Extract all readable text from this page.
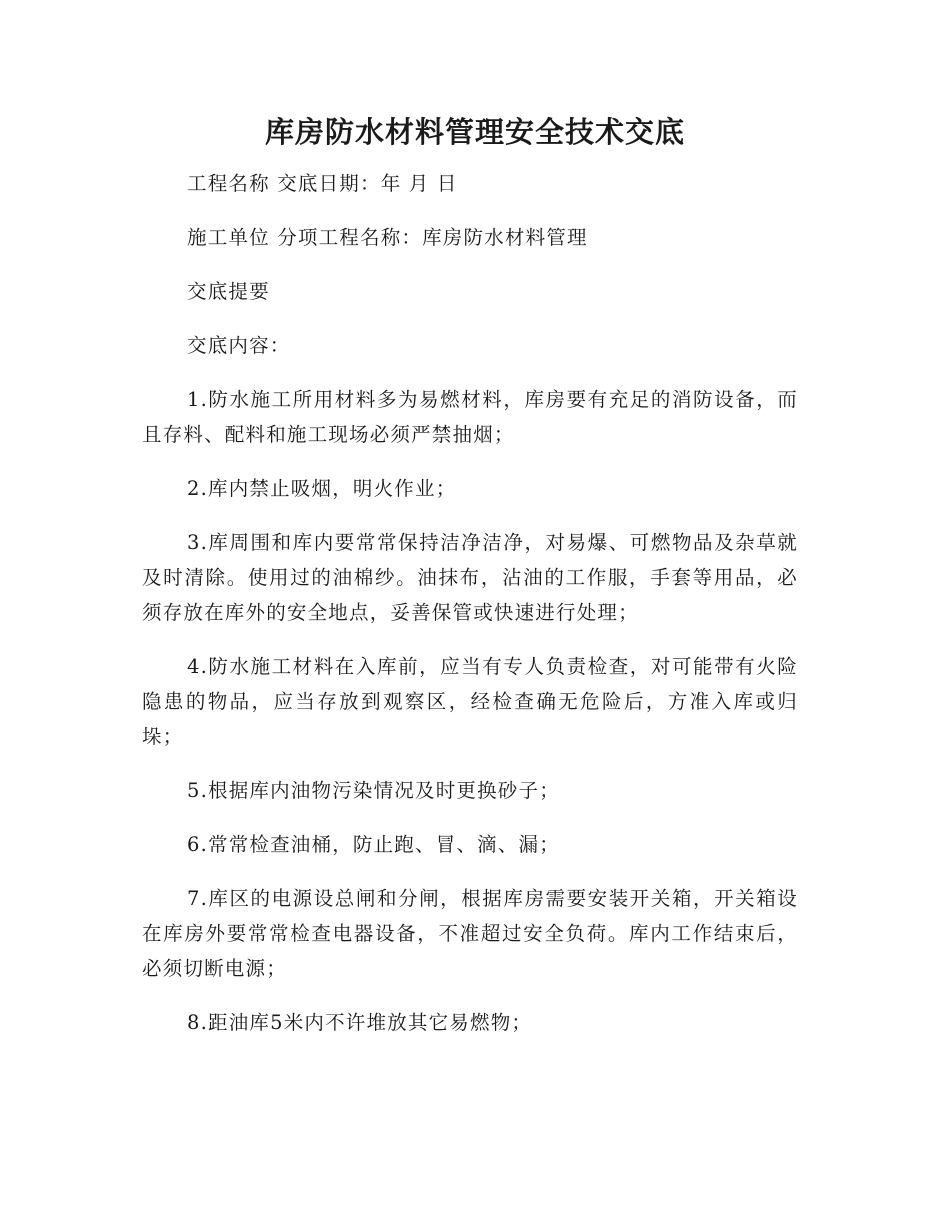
库房防水材料管理安全技术交底

工程名称 交底日期：年 月 日

施工单位 分项工程名称：库房防水材料管理

交底提要

交底内容：

1.防水施工所用材料多为易燃材料，库房要有充足的消防设备，而且存料、配料和施工现场必须严禁抽烟；

2.库内禁止吸烟，明火作业；

3.库周围和库内要常常保持洁净洁净，对易爆、可燃物品及杂草就及时清除。使用过的油棉纱。油抹布，沾油的工作服，手套等用品，必须存放在库外的安全地点，妥善保管或快速进行处理；

4.防水施工材料在入库前，应当有专人负责检查，对可能带有火险隐患的物品，应当存放到观察区，经检查确无危险后，方准入库或归垛；

5.根据库内油物污染情况及时更换砂子；

6.常常检查油桶，防止跑、冒、滴、漏；

7.库区的电源设总闸和分闸，根据库房需要安装开关箱，开关箱设在库房外要常常检查电器设备，不准超过安全负荷。库内工作结束后，必须切断电源；

8.距油库5米内不许堆放其它易燃物；
